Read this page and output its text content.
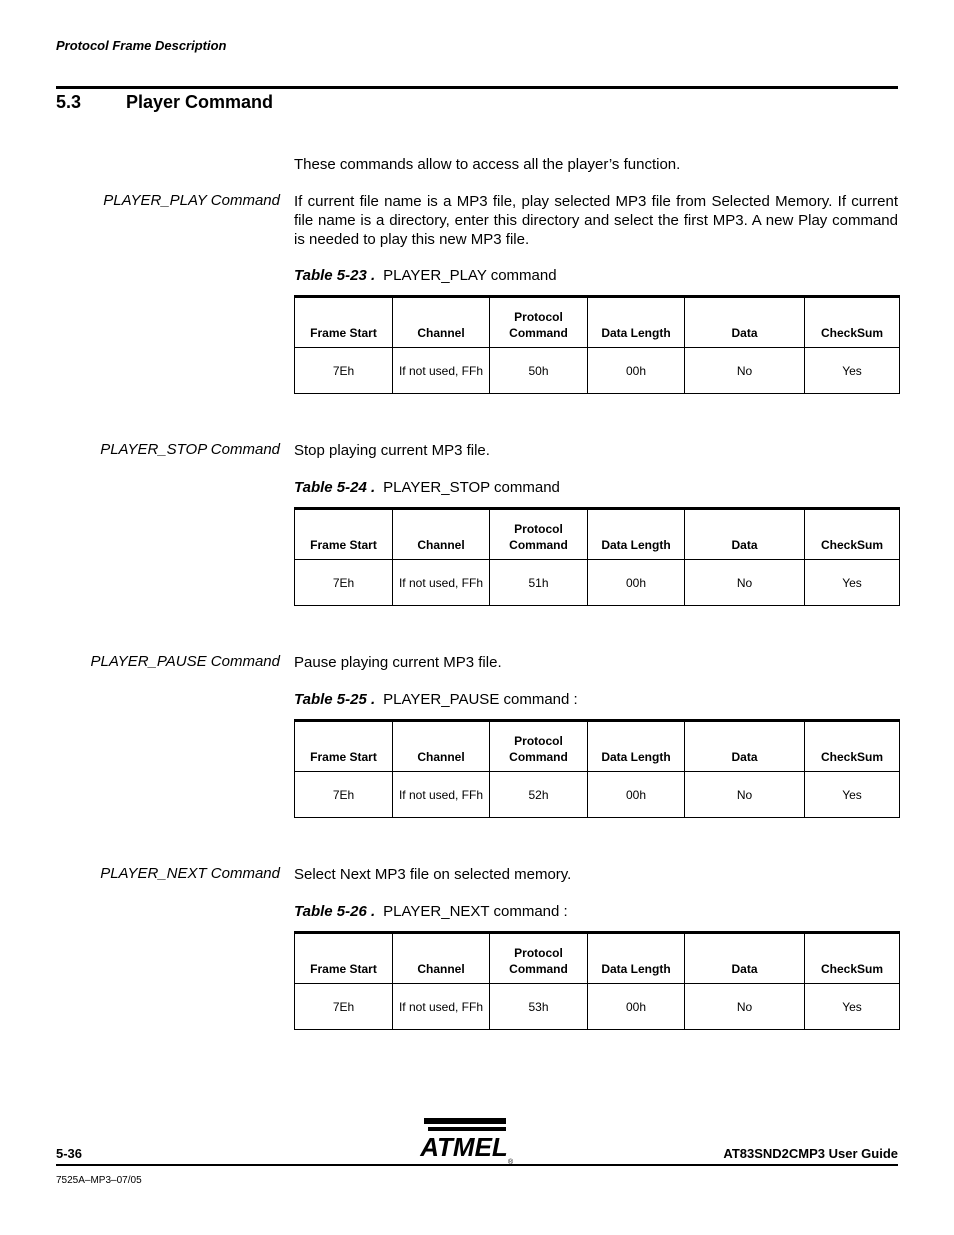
Protocol Frame Description
5.3 Player Command
These commands allow to access all the player’s function.
PLAYER_PLAY Command If current file name is a MP3 file, play selected MP3 file from Selected Memory. If current file name is a directory, enter this directory and select the first MP3. A new Play command is needed to play this new MP3 file.
Table 5-23 . PLAYER_PLAY command
Frame Start	Channel	Protocol Command	Data Length	Data	CheckSum
7Eh	If not used, FFh	50h	00h	No	Yes
PLAYER_STOP Command Stop playing current MP3 file.
Table 5-24 . PLAYER_STOP command
Frame Start	Channel	Protocol Command	Data Length	Data	CheckSum
7Eh	If not used, FFh	51h	00h	No	Yes
PLAYER_PAUSE Command Pause playing current MP3 file.
Table 5-25 . PLAYER_PAUSE command :
Frame Start	Channel	Protocol Command	Data Length	Data	CheckSum
7Eh	If not used, FFh	52h	00h	No	Yes
PLAYER_NEXT Command Select Next MP3 file on selected memory.
Table 5-26 . PLAYER_NEXT command :
Frame Start	Channel	Protocol Command	Data Length	Data	CheckSum
7Eh	If not used, FFh	53h	00h	No	Yes
ATMEL
®
5-36	AT83SND2CMP3 User Guide
7525A–MP3–07/05
